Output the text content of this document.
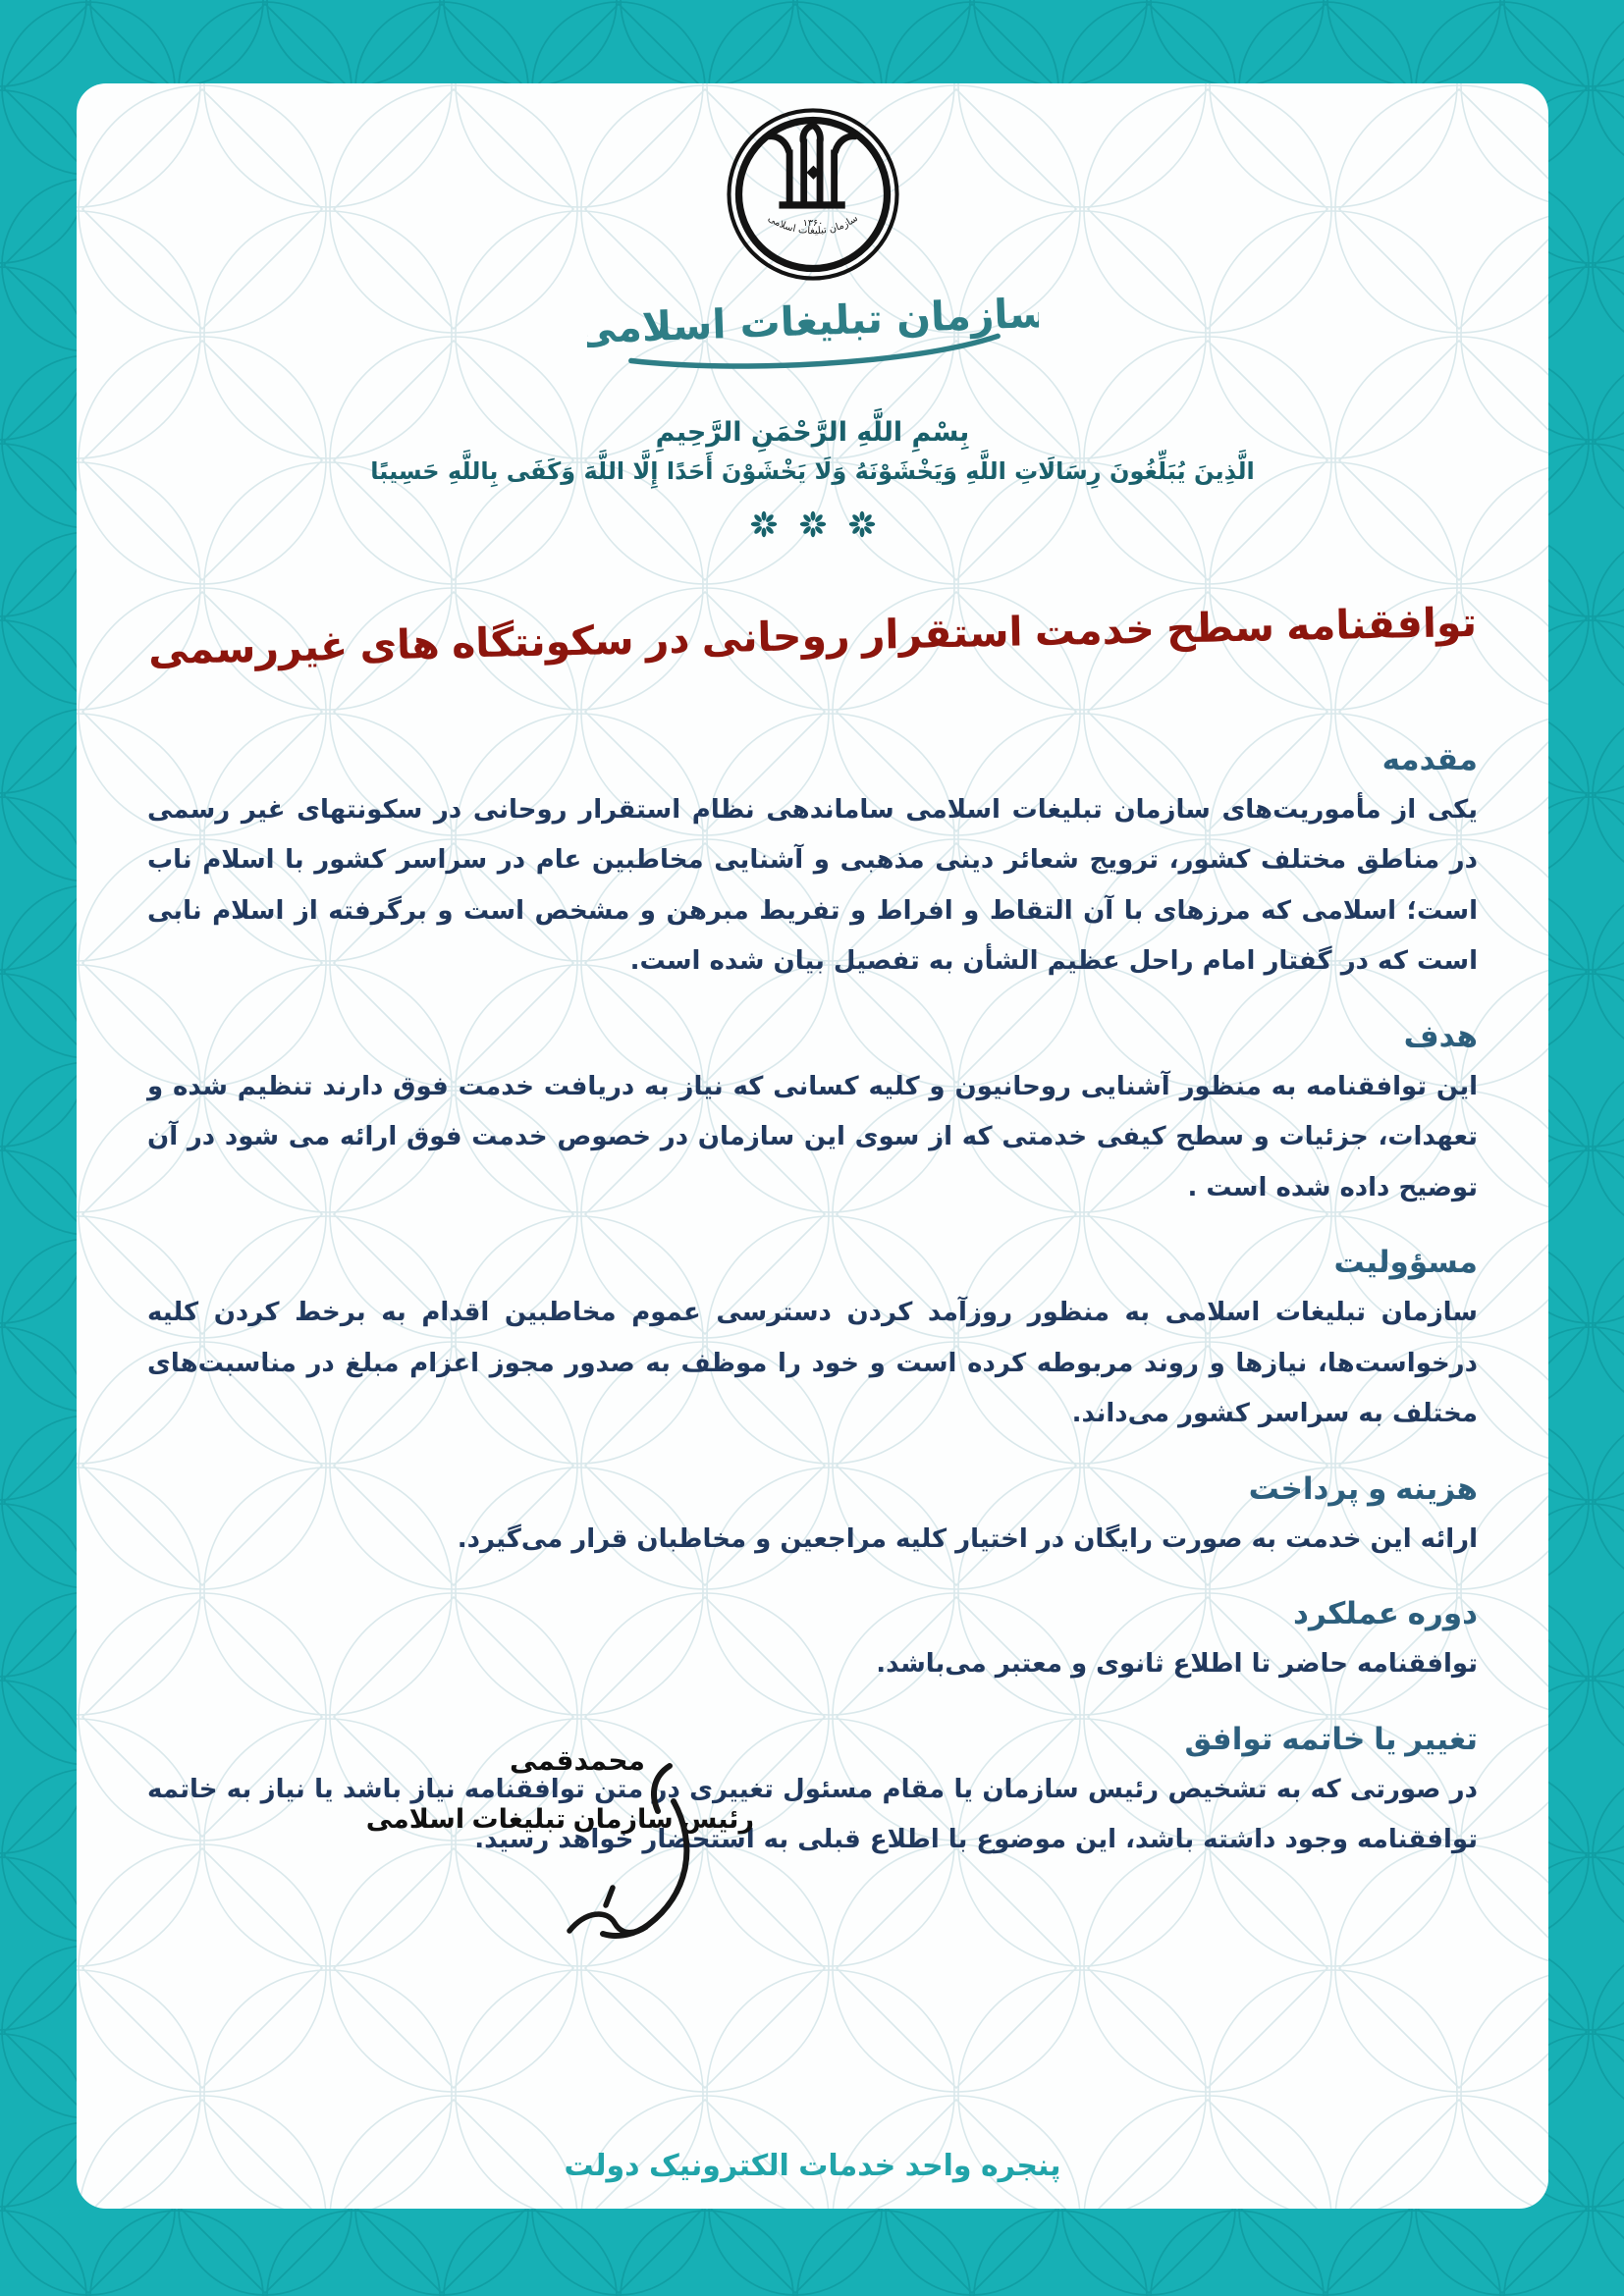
۱۳۶۰
سازمان تبلیغات اسلامی
سازمان تبلیغات اسلامی
بِسْمِ اللَّهِ الرَّحْمَنِ الرَّحِيمِ
الَّذِينَ يُبَلِّغُونَ رِسَالَاتِ اللَّهِ وَيَخْشَوْنَهُ وَلَا يَخْشَوْنَ أَحَدًا إِلَّا اللَّهَ وَكَفَى بِاللَّهِ حَسِيبًا
توافقنامه سطح خدمت استقرار روحانی در سکونتگاه های غیررسمی
مقدمه

یکی از مأموریت‌های سازمان تبلیغات اسلامی ساماندهی نظام استقرار روحانی در سکونتهای غیر رسمی در مناطق مختلف کشور، ترویج شعائر دینی مذهبی و آشنایی مخاطبین عام در سراسر کشور با اسلام ناب است؛ اسلامی که مرزهای با آن التقاط و افراط و تفریط مبرهن و مشخص است و برگرفته از اسلام نابی است که در گفتار امام راحل عظیم الشأن به تفصیل بیان شده است.

هدف

این توافقنامه به منظور آشنایی روحانیون و کلیه کسانی که نیاز به دریافت خدمت فوق دارند تنظیم شده و تعهدات، جزئیات و سطح کیفی خدمتی که از سوی این سازمان در خصوص خدمت فوق ارائه می شود در آن توضیح داده شده است .

مسؤولیت

سازمان تبلیغات اسلامی به منظور روزآمد کردن دسترسی عموم مخاطبین اقدام به برخط کردن کلیه درخواست‌ها، نیازها و روند مربوطه کرده است و خود را موظف به صدور مجوز اعزام مبلغ در مناسبت‌های مختلف به سراسر کشور می‌داند.

هزینه و پرداخت

ارائه این خدمت به صورت رایگان در اختیار کلیه مراجعین و مخاطبان قرار می‌گیرد.

دوره عملکرد

توافقنامه حاضر تا اطلاع ثانوی و معتبر می‌باشد.

تغییر یا خاتمه توافق

در صورتی که به تشخیص رئیس سازمان یا مقام مسئول تغییری در متن توافقنامه نیاز باشد یا نیاز به خاتمه توافقنامه وجود داشته باشد، این موضوع با اطلاع قبلی به استحضار خواهد رسید.

محمدقمی
رئیس سازمان تبلیغات اسلامی
پنجره واحد خدمات الکترونیک دولت
